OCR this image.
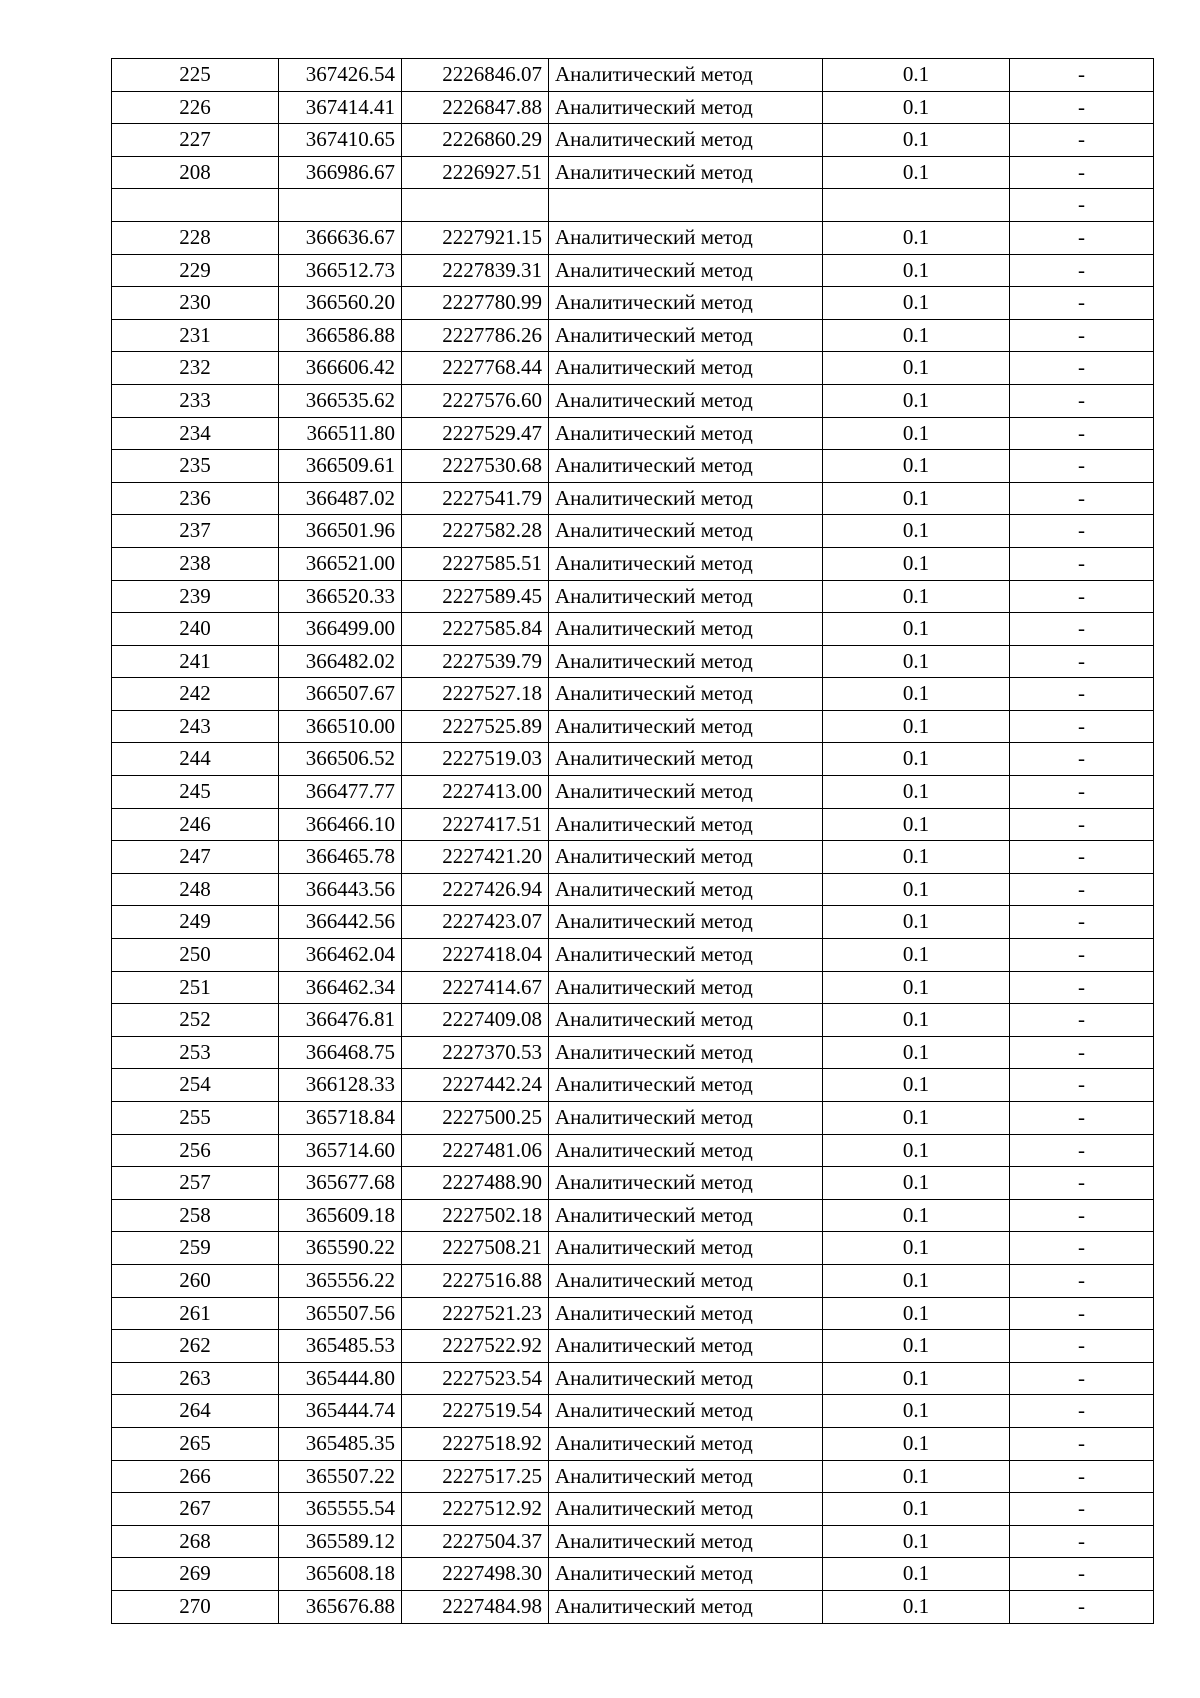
225	367426.54	2226846.07	Аналитический метод	0.1	-
226	367414.41	2226847.88	Аналитический метод	0.1	-
227	367410.65	2226860.29	Аналитический метод	0.1	-
208	366986.67	2226927.51	Аналитический метод	0.1	-
					-
228	366636.67	2227921.15	Аналитический метод	0.1	-
229	366512.73	2227839.31	Аналитический метод	0.1	-
230	366560.20	2227780.99	Аналитический метод	0.1	-
231	366586.88	2227786.26	Аналитический метод	0.1	-
232	366606.42	2227768.44	Аналитический метод	0.1	-
233	366535.62	2227576.60	Аналитический метод	0.1	-
234	366511.80	2227529.47	Аналитический метод	0.1	-
235	366509.61	2227530.68	Аналитический метод	0.1	-
236	366487.02	2227541.79	Аналитический метод	0.1	-
237	366501.96	2227582.28	Аналитический метод	0.1	-
238	366521.00	2227585.51	Аналитический метод	0.1	-
239	366520.33	2227589.45	Аналитический метод	0.1	-
240	366499.00	2227585.84	Аналитический метод	0.1	-
241	366482.02	2227539.79	Аналитический метод	0.1	-
242	366507.67	2227527.18	Аналитический метод	0.1	-
243	366510.00	2227525.89	Аналитический метод	0.1	-
244	366506.52	2227519.03	Аналитический метод	0.1	-
245	366477.77	2227413.00	Аналитический метод	0.1	-
246	366466.10	2227417.51	Аналитический метод	0.1	-
247	366465.78	2227421.20	Аналитический метод	0.1	-
248	366443.56	2227426.94	Аналитический метод	0.1	-
249	366442.56	2227423.07	Аналитический метод	0.1	-
250	366462.04	2227418.04	Аналитический метод	0.1	-
251	366462.34	2227414.67	Аналитический метод	0.1	-
252	366476.81	2227409.08	Аналитический метод	0.1	-
253	366468.75	2227370.53	Аналитический метод	0.1	-
254	366128.33	2227442.24	Аналитический метод	0.1	-
255	365718.84	2227500.25	Аналитический метод	0.1	-
256	365714.60	2227481.06	Аналитический метод	0.1	-
257	365677.68	2227488.90	Аналитический метод	0.1	-
258	365609.18	2227502.18	Аналитический метод	0.1	-
259	365590.22	2227508.21	Аналитический метод	0.1	-
260	365556.22	2227516.88	Аналитический метод	0.1	-
261	365507.56	2227521.23	Аналитический метод	0.1	-
262	365485.53	2227522.92	Аналитический метод	0.1	-
263	365444.80	2227523.54	Аналитический метод	0.1	-
264	365444.74	2227519.54	Аналитический метод	0.1	-
265	365485.35	2227518.92	Аналитический метод	0.1	-
266	365507.22	2227517.25	Аналитический метод	0.1	-
267	365555.54	2227512.92	Аналитический метод	0.1	-
268	365589.12	2227504.37	Аналитический метод	0.1	-
269	365608.18	2227498.30	Аналитический метод	0.1	-
270	365676.88	2227484.98	Аналитический метод	0.1	-
